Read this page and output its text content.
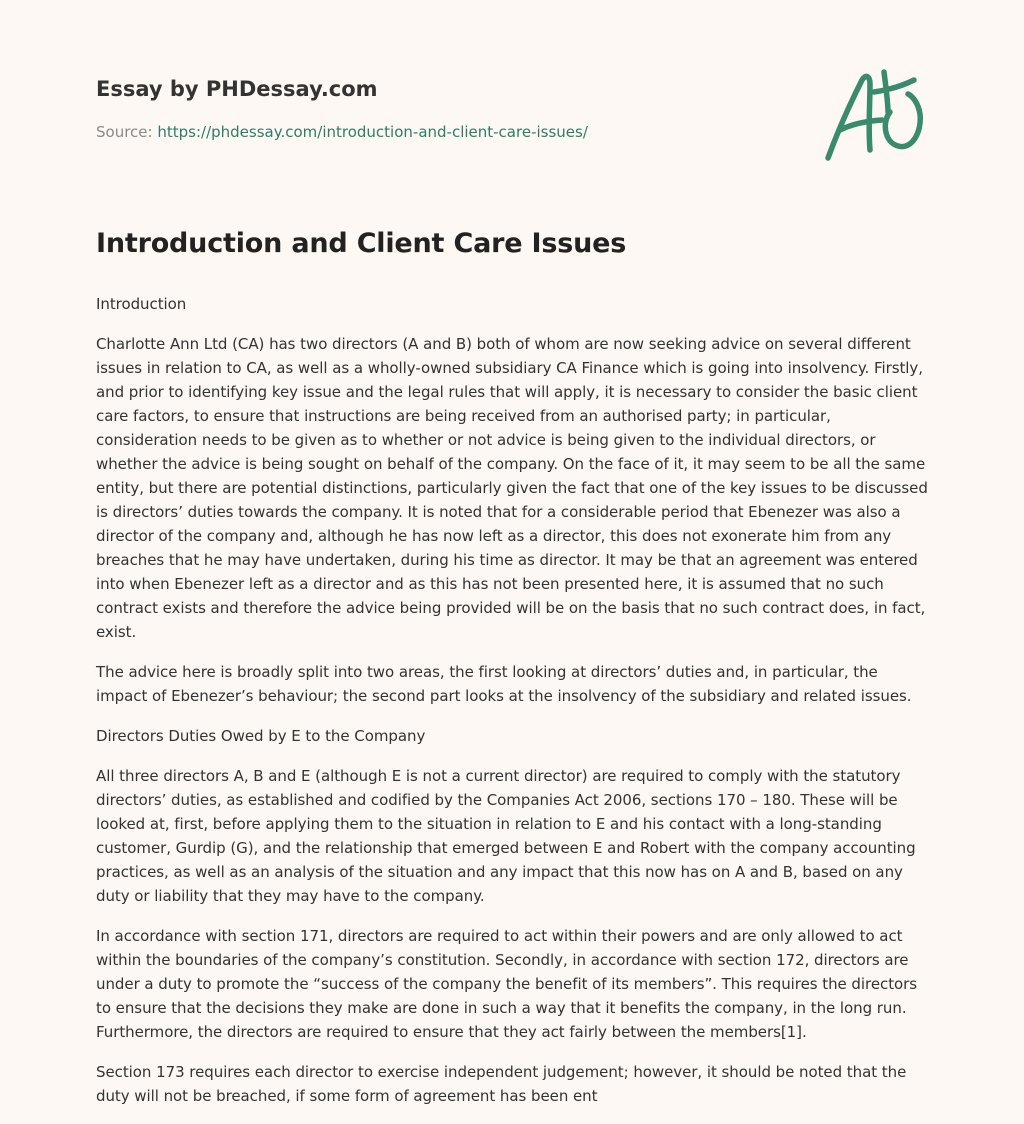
Essay by PHDessay.com
Source: https://phdessay.com/introduction-and-client-care-issues/
Introduction and Client Care Issues

Introduction

Charlotte Ann Ltd (CA) has two directors (A and B) both of whom are now seeking advice on several different issues in relation to CA, as well as a wholly-owned subsidiary CA Finance which is going into insolvency. Firstly, and prior to identifying key issue and the legal rules that will apply, it is necessary to consider the basic client care factors, to ensure that instructions are being received from an authorised party; in particular, consideration needs to be given as to whether or not advice is being given to the individual directors, or whether the advice is being sought on behalf of the company. On the face of it, it may seem to be all the same entity, but there are potential distinctions, particularly given the fact that one of the key issues to be discussed is directors’ duties towards the company. It is noted that for a considerable period that Ebenezer was also a director of the company and, although he has now left as a director, this does not exonerate him from any breaches that he may have undertaken, during his time as director. It may be that an agreement was entered into when Ebenezer left as a director and as this has not been presented here, it is assumed that no such contract exists and therefore the advice being provided will be on the basis that no such contract does, in fact, exist.

The advice here is broadly split into two areas, the first looking at directors’ duties and, in particular, the impact of Ebenezer’s behaviour; the second part looks at the insolvency of the subsidiary and related issues.

Directors Duties Owed by E to the Company

All three directors A, B and E (although E is not a current director) are required to comply with the statutory directors’ duties, as established and codified by the Companies Act 2006, sections 170 – 180. These will be looked at, first, before applying them to the situation in relation to E and his contact with a long-standing customer, Gurdip (G), and the relationship that emerged between E and Robert with the company accounting practices, as well as an analysis of the situation and any impact that this now has on A and B, based on any duty or liability that they may have to the company.

In accordance with section 171, directors are required to act within their powers and are only allowed to act within the boundaries of the company’s constitution. Secondly, in accordance with section 172, directors are under a duty to promote the “success of the company the benefit of its members”. This requires the directors to ensure that the decisions they make are done in such a way that it benefits the company, in the long run. Furthermore, the directors are required to ensure that they act fairly between the members[1].

Section 173 requires each director to exercise independent judgement; however, it should be noted that the duty will not be breached, if some form of agreement has been ent
